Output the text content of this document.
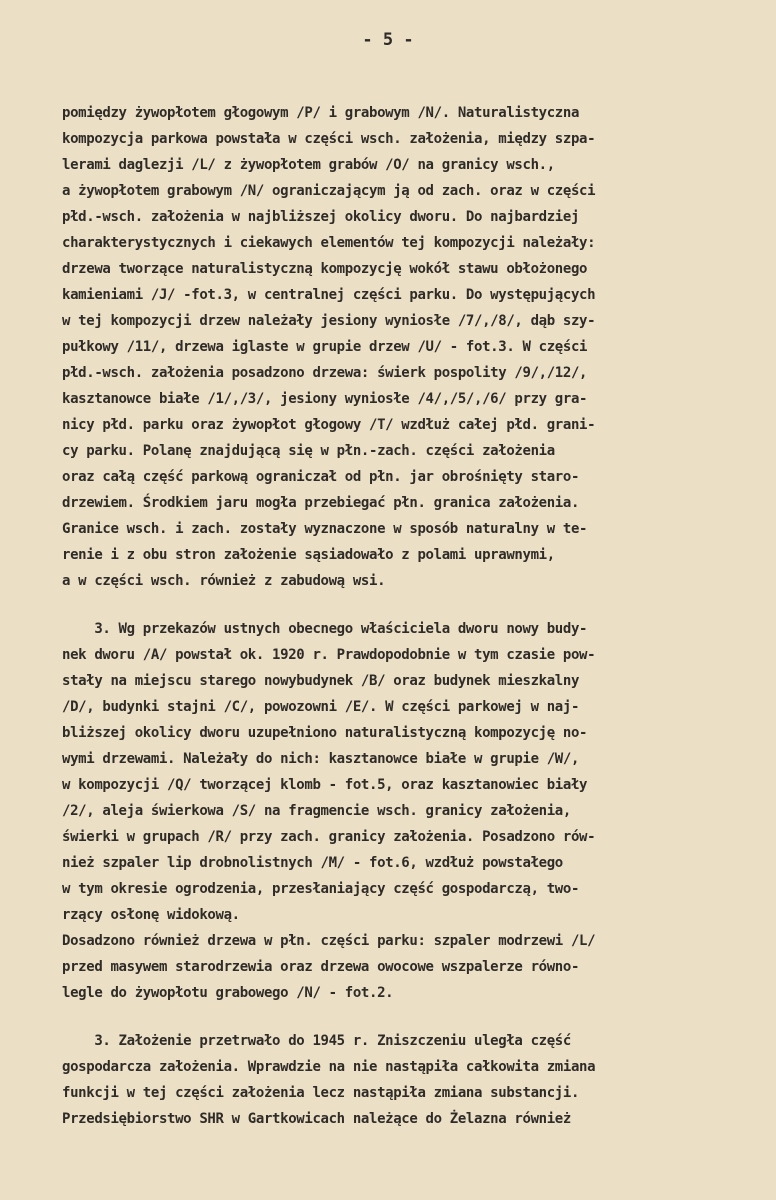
- 5 -
pomiędzy żywopłotem głogowym /P/ i grabowym /N/. Naturalistyczna
kompozycja parkowa powstała w części wsch. założenia, między szpa-
lerami daglezji /L/ z żywopłotem grabów /O/ na granicy wsch.,
a żywopłotem grabowym /N/ ograniczającym ją od zach. oraz w części
płd.-wsch. założenia w najbliższej okolicy dworu. Do najbardziej
charakterystycznych i ciekawych elementów tej kompozycji należały:
drzewa tworzące naturalistyczną kompozycję wokół stawu obłożonego
kamieniami /J/ -fot.3, w centralnej części parku. Do występujących
w tej kompozycji drzew należały jesiony wyniosłe /7/,/8/, dąb szy-
pułkowy /11/, drzewa iglaste w grupie drzew /U/ - fot.3. W części
płd.-wsch. założenia posadzono drzewa: świerk pospolity /9/,/12/,
kasztanowce białe /1/,/3/, jesiony wyniosłe /4/,/5/,/6/ przy gra-
nicy płd. parku oraz żywopłot głogowy /T/ wzdłuż całej płd. grani-
cy parku. Polanę znajdującą się w płn.-zach. części założenia
oraz całą część parkową ograniczał od płn. jar obrośnięty staro-
drzewiem. Środkiem jaru mogła przebiegać płn. granica założenia.
Granice wsch. i zach. zostały wyznaczone w sposób naturalny w te-
renie i z obu stron założenie sąsiadowało z polami uprawnymi,
a w części wsch. również z zabudową wsi.
3. Wg przekazów ustnych obecnego właściciela dworu nowy budy-
nek dworu /A/ powstał ok. 1920 r. Prawdopodobnie w tym czasie pow-
stały na miejscu starego nowybudynek /B/ oraz budynek mieszkalny
/D/, budynki stajni /C/, powozowni /E/. W części parkowej w naj-
bliższej okolicy dworu uzupełniono naturalistyczną kompozycję no-
wymi drzewami. Należały do nich: kasztanowce białe w grupie /W/,
w kompozycji /Q/ tworzącej klomb - fot.5, oraz kasztanowiec biały
/2/, aleja świerkowa /S/ na fragmencie wsch. granicy założenia,
świerki w grupach /R/ przy zach. granicy założenia. Posadzono rów-
nież szpaler lip drobnolistnych /M/ - fot.6, wzdłuż powstałego
w tym okresie ogrodzenia, przesłaniający część gospodarczą, two-
rzący osłonę widokową.
Dosadzono również drzewa w płn. części parku: szpaler modrzewi /L/
przed masywem starodrzewia oraz drzewa owocowe wszpalerze równo-
legle do żywopłotu grabowego /N/ - fot.2.
3. Założenie przetrwało do 1945 r. Zniszczeniu uległa część
gospodarcza założenia. Wprawdzie na nie nastąpiła całkowita zmiana
funkcji w tej części założenia lecz nastąpiła zmiana substancji.
Przedsiębiorstwo SHR w Gartkowicach należące do Żelazna również
